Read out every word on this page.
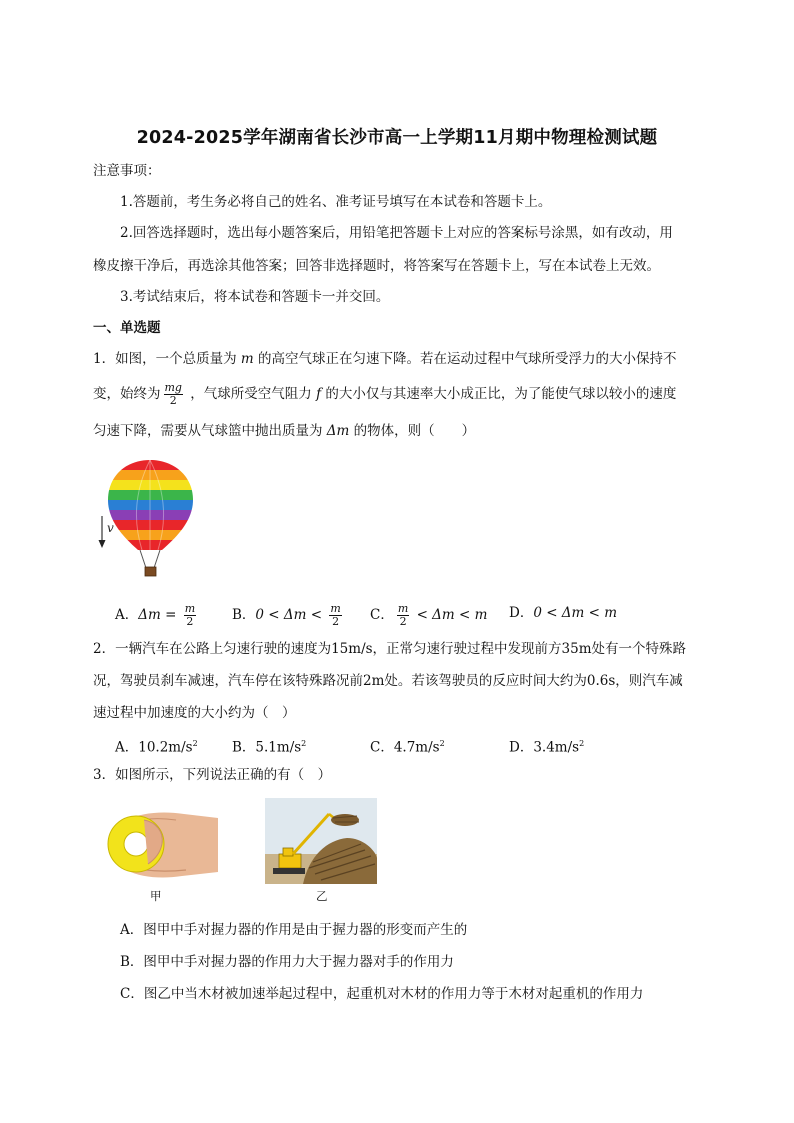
2024-2025学年湖南省长沙市高一上学期11月期中物理检测试题
注意事项：
1.答题前，考生务必将自己的姓名、准考证号填写在本试卷和答题卡上。
2.回答选择题时，选出每小题答案后，用铅笔把答题卡上对应的答案标号涂黑，如有改动，用
橡皮擦干净后，再选涂其他答案；回答非选择题时，将答案写在答题卡上，写在本试卷上无效。
3.考试结束后，将本试卷和答题卡一并交回。
一、单选题
1．如图，一个总质量为 m 的高空气球正在匀速下降。若在运动过程中气球所受浮力的大小保持不
变，始终为 $\frac{mg}{2}$ ，气球所受空气阻力 f 的大小仅与其速率大小成正比，为了能使气球以较小的速度
匀速下降，需要从气球篮中抛出质量为 Δm 的物体，则（　　）
v
A．$\Delta m = \frac{m}{2}$	B．$0 < \Delta m < \frac{m}{2}$ C． $\frac{m}{2} < \Delta m < m$ D．0 < Δm < m
2．一辆汽车在公路上匀速行驶的速度为15m/s，正常匀速行驶过程中发现前方35m处有一个特殊路
况，驾驶员刹车减速，汽车停在该特殊路况前2m处。若该驾驶员的反应时间大约为0.6s，则汽车减
速过程中加速度的大小约为（　）
A．$10.2m/s^2$	B．$5.1m/s^2$	C．$4.7m/s^2$	D．$3.4m/s^2$
3．如图所示，下列说法正确的有（　）
甲	乙
A．图甲中手对握力器的作用是由于握力器的形变而产生的
B．图甲中手对握力器的作用力大于握力器对手的作用力
C．图乙中当木材被加速举起过程中，起重机对木材的作用力等于木材对起重机的作用力
